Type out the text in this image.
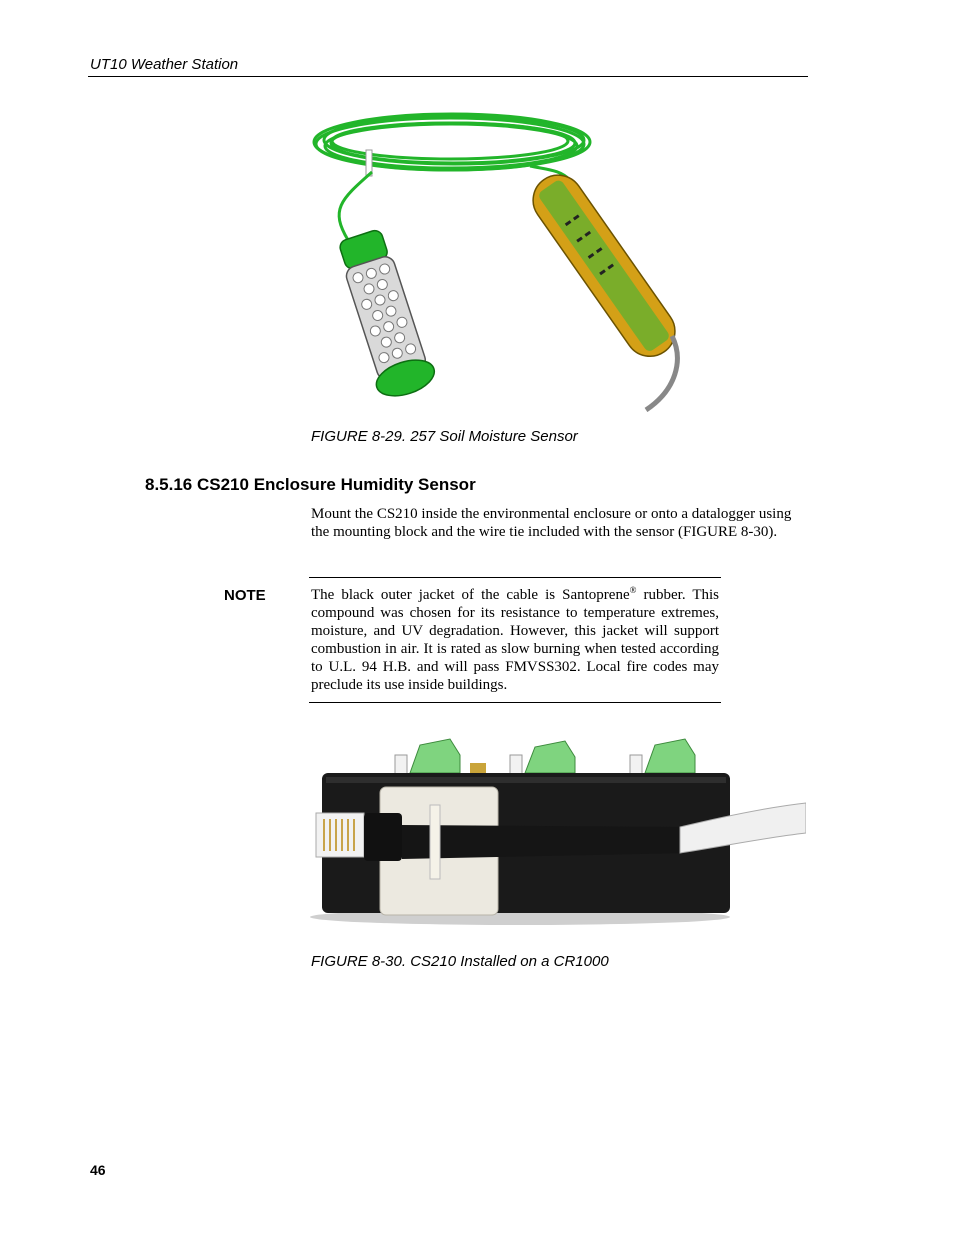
UT10 Weather Station
FIGURE 8-29. 257 Soil Moisture Sensor
8.5.16 CS210 Enclosure Humidity Sensor
Mount the CS210 inside the environmental enclosure or onto a datalogger using the mounting block and the wire tie included with the sensor (FIGURE 8-30).
NOTE	The black outer jacket of the cable is Santoprene® rubber. This compound was chosen for its resistance to temperature extremes, moisture, and UV degradation. However, this jacket will support combustion in air. It is rated as slow burning when tested according to U.L. 94 H.B. and will pass FMVSS302. Local fire codes may preclude its use inside buildings.
FIGURE 8-30. CS210 Installed on a CR1000
46
